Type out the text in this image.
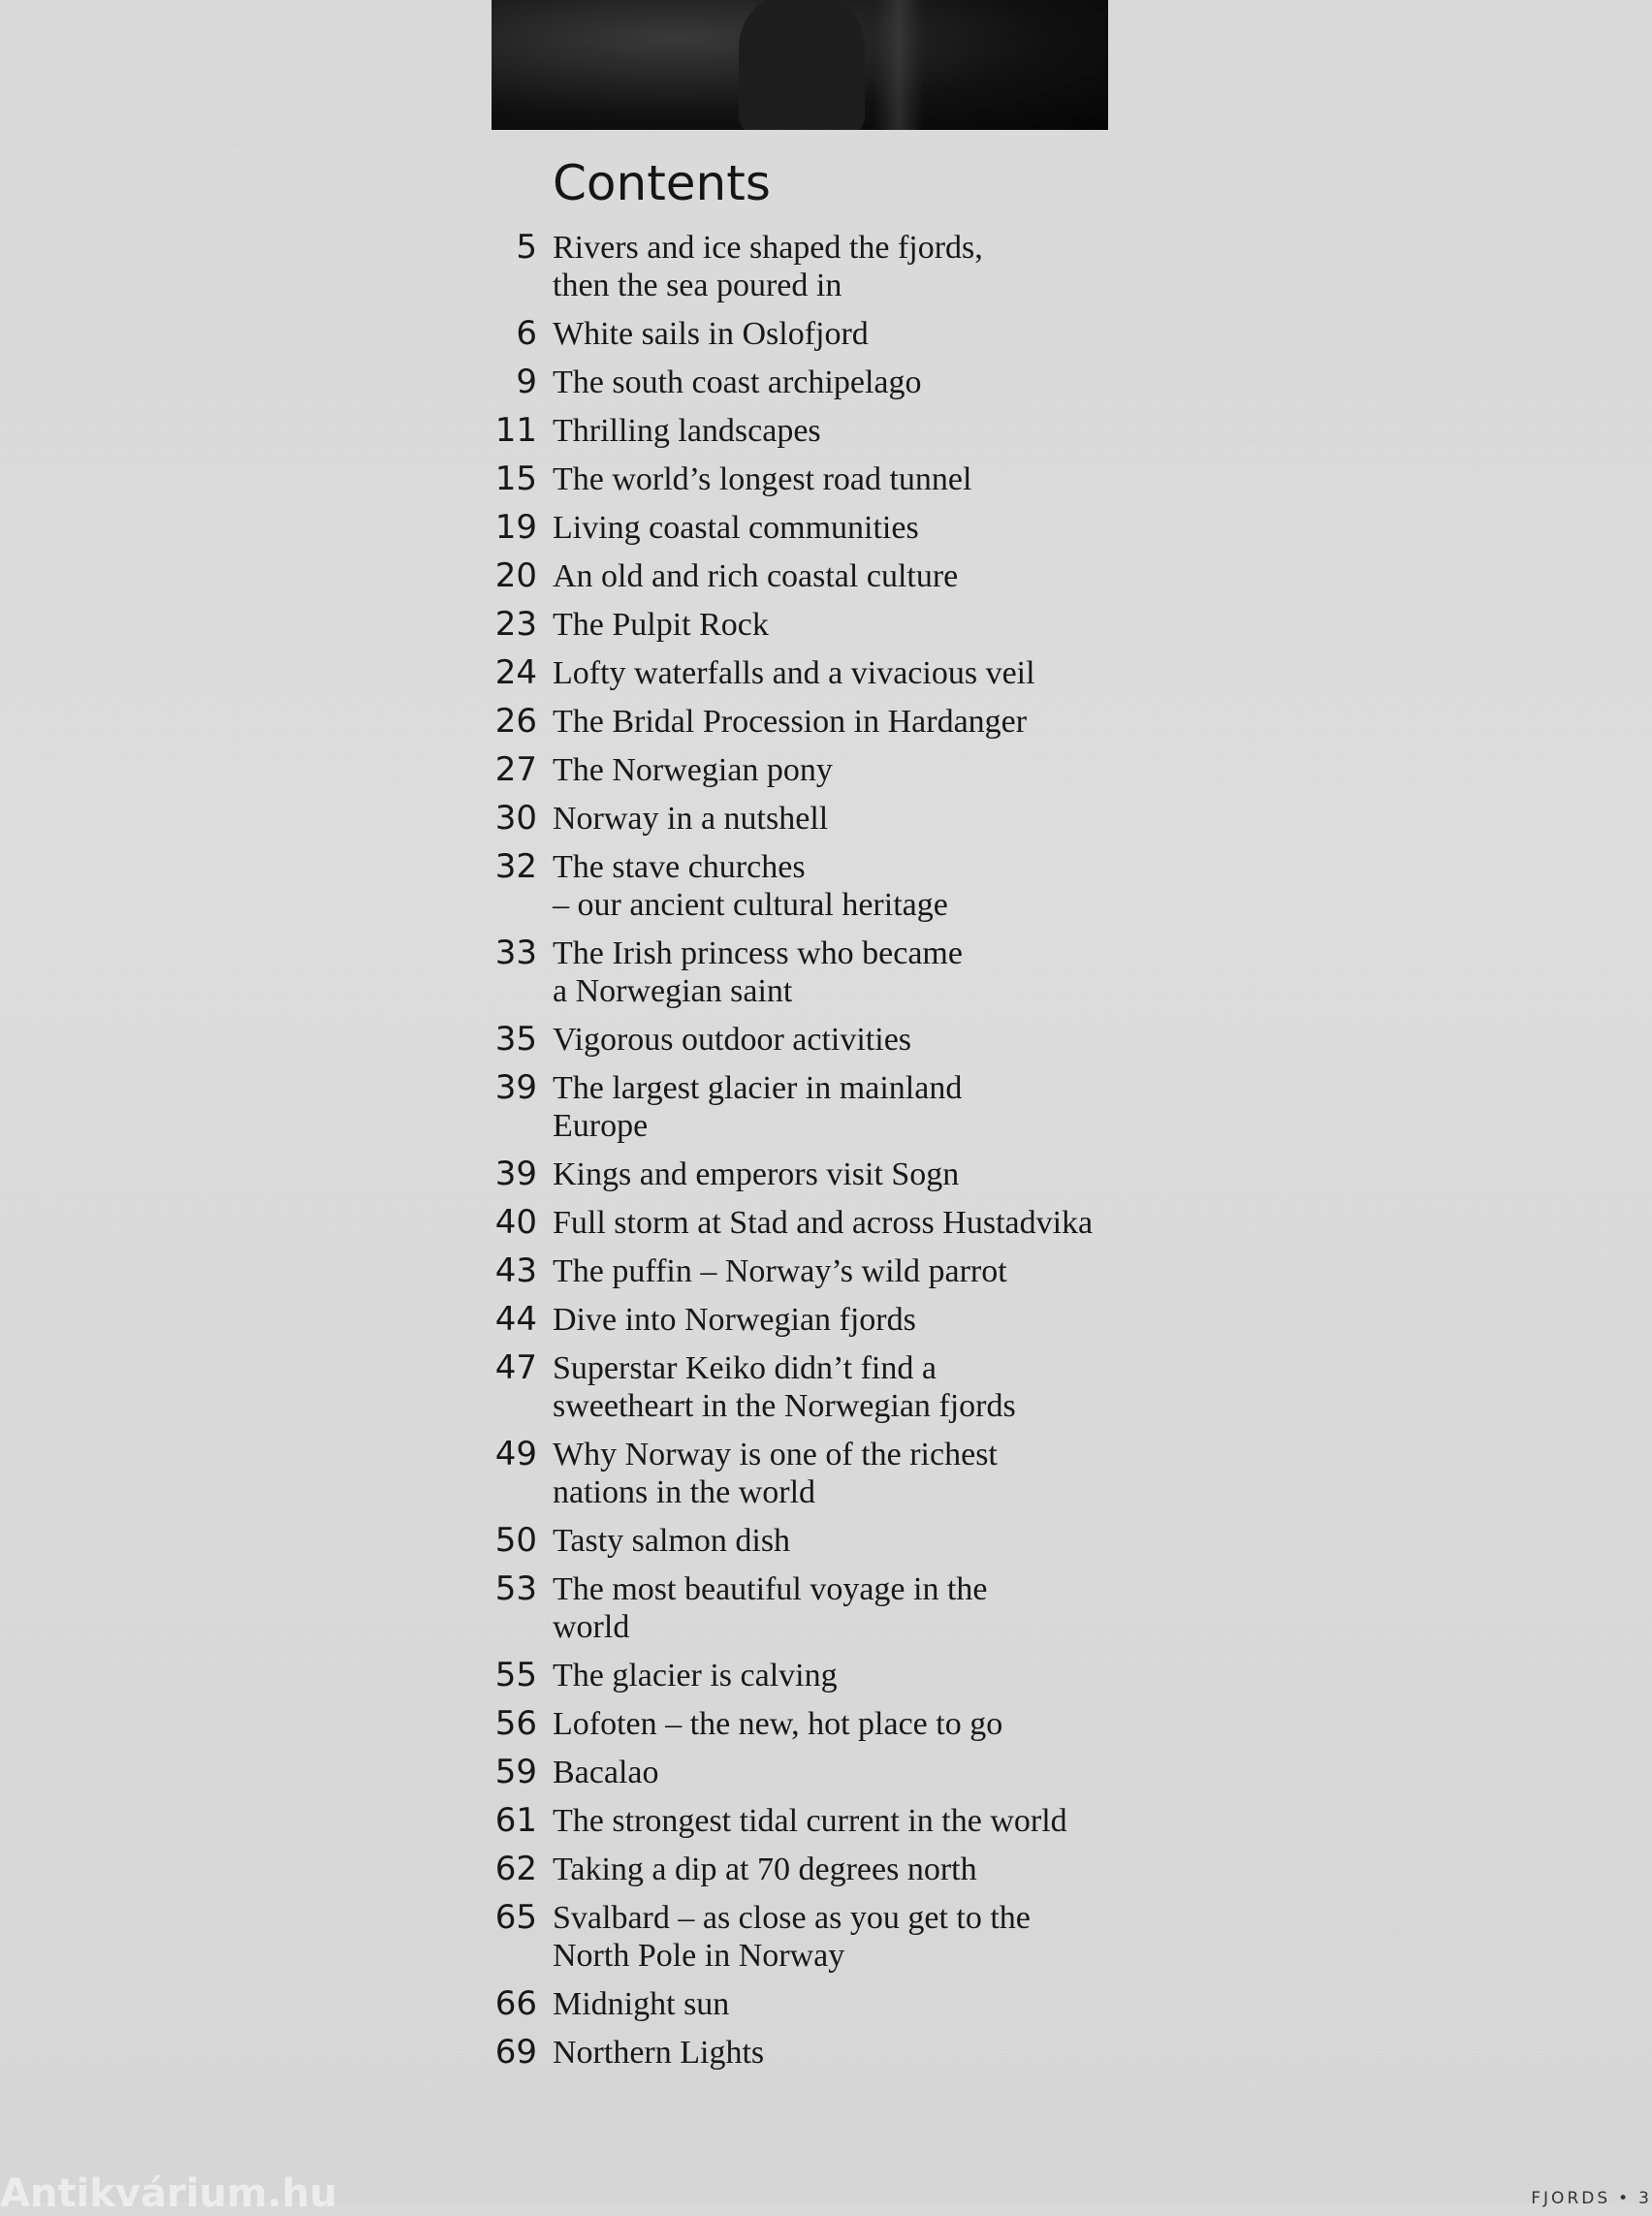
Contents
5 Rivers and ice shaped the fjords,
then the sea poured in
6 White sails in Oslofjord
9 The south coast archipelago
11 Thrilling landscapes
15 The world’s longest road tunnel
19 Living coastal communities
20 An old and rich coastal culture
23 The Pulpit Rock
24 Lofty waterfalls and a vivacious veil
26 The Bridal Procession in Hardanger
27 The Norwegian pony
30 Norway in a nutshell
32 The stave churches
– our ancient cultural heritage
33 The Irish princess who became
a Norwegian saint
35 Vigorous outdoor activities
39 The largest glacier in mainland
Europe
39 Kings and emperors visit Sogn
40 Full storm at Stad and across Hustadvika
43 The puffin – Norway’s wild parrot
44 Dive into Norwegian fjords
47 Superstar Keiko didn’t find a
sweetheart in the Norwegian fjords
49 Why Norway is one of the richest
nations in the world
50 Tasty salmon dish
53 The most beautiful voyage in the
world
55 The glacier is calving
56 Lofoten – the new, hot place to go
59 Bacalao
61 The strongest tidal current in the world
62 Taking a dip at 70 degrees north
65 Svalbard – as close as you get to the
North Pole in Norway
66 Midnight sun
69 Northern Lights
Antikvárium.hu	FJORDS • 3
